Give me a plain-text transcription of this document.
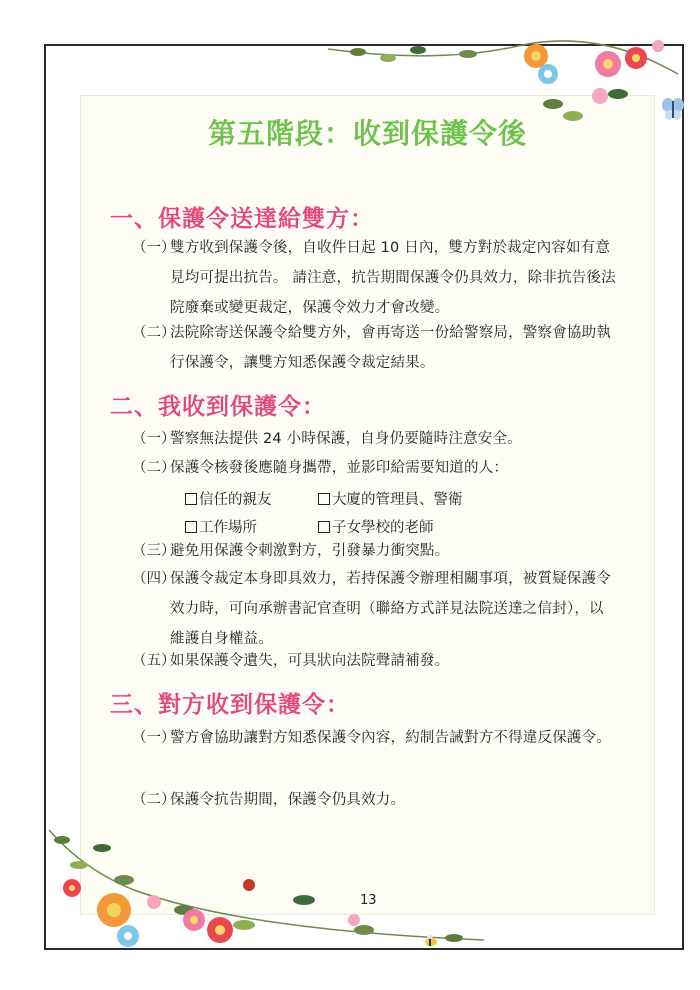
第五階段：收到保護令後
一、保護令送達給雙方：
（一）
雙方收到保護令後，自收件日起 10 日內，雙方對於裁定內容如有意見均可提出抗告。 請注意，抗告期間保護令仍具效力，除非抗告後法院廢棄或變更裁定，保護令效力才會改變。
（二）
法院除寄送保護令給雙方外，會再寄送一份給警察局，警察會協助執行保護令，讓雙方知悉保護令裁定結果。
二、我收到保護令：
（一）
警察無法提供 24 小時保護，自身仍要隨時注意安全。
（二）
保護令核發後應隨身攜帶，並影印給需要知道的人：
信任的親友	大廈的管理員、警衛
工作場所	子女學校的老師
（三）
避免用保護令刺激對方，引發暴力衝突點。
（四）
保護令裁定本身即具效力，若持保護令辦理相關事項，被質疑保護令效力時，可向承辦書記官查明（聯絡方式詳見法院送達之信封），以維護自身權益。
（五）
如果保護令遺失，可具狀向法院聲請補發。
三、對方收到保護令：
（一）
警方會協助讓對方知悉保護令內容，約制告誡對方不得違反保護令。
（二）
保護令抗告期間，保護令仍具效力。
13
